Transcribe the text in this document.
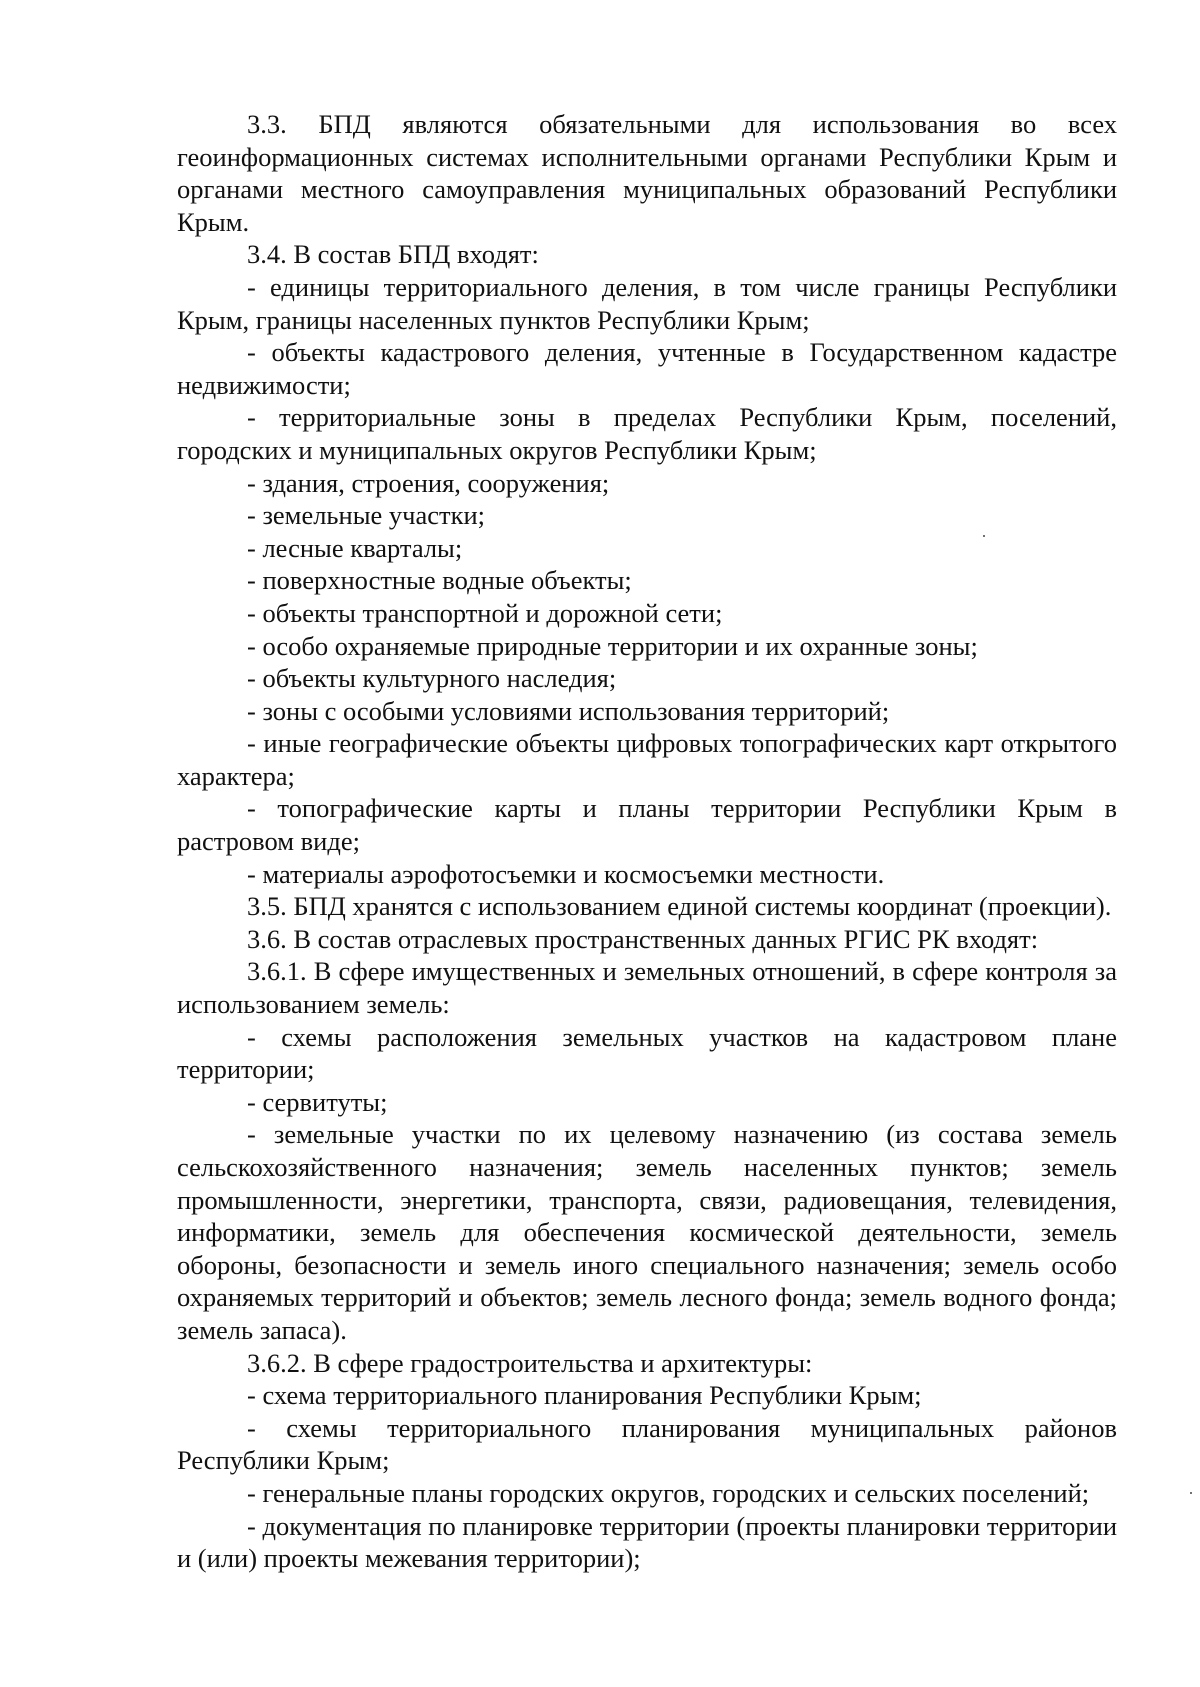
3.3. БПД являются обязательными для использования во всех геоинформационных системах исполнительными органами Республики Крым и органами местного самоуправления муниципальных образований Республики Крым.

3.4. В состав БПД входят:

- единицы территориального деления, в том числе границы Республики Крым, границы населенных пунктов Республики Крым;

- объекты кадастрового деления, учтенные в Государственном кадастре недвижимости;

- территориальные зоны в пределах Республики Крым, поселений, городских и муниципальных округов Республики Крым;

- здания, строения, сооружения;

- земельные участки;

- лесные кварталы;

- поверхностные водные объекты;

- объекты транспортной и дорожной сети;

- особо охраняемые природные территории и их охранные зоны;

- объекты культурного наследия;

- зоны с особыми условиями использования территорий;

- иные географические объекты цифровых топографических карт открытого характера;

- топографические карты и планы территории Республики Крым в растровом виде;

- материалы аэрофотосъемки и космосъемки местности.

3.5. БПД хранятся с использованием единой системы координат (проекции).

3.6. В состав отраслевых пространственных данных РГИС РК входят:

3.6.1. В сфере имущественных и земельных отношений, в сфере контроля за использованием земель:

- схемы расположения земельных участков на кадастровом плане территории;

- сервитуты;

- земельные участки по их целевому назначению (из состава земель сельскохозяйственного назначения; земель населенных пунктов; земель промышленности, энергетики, транспорта, связи, радиовещания, телевидения, информатики, земель для обеспечения космической деятельности, земель обороны, безопасности и земель иного специального назначения; земель особо охраняемых территорий и объектов; земель лесного фонда; земель водного фонда; земель запаса).

3.6.2. В сфере градостроительства и архитектуры:

- схема территориального планирования Республики Крым;

- схемы территориального планирования муниципальных районов Республики Крым;

- генеральные планы городских округов, городских и сельских поселений;

- документация по планировке территории (проекты планировки территории и (или) проекты межевания территории);
